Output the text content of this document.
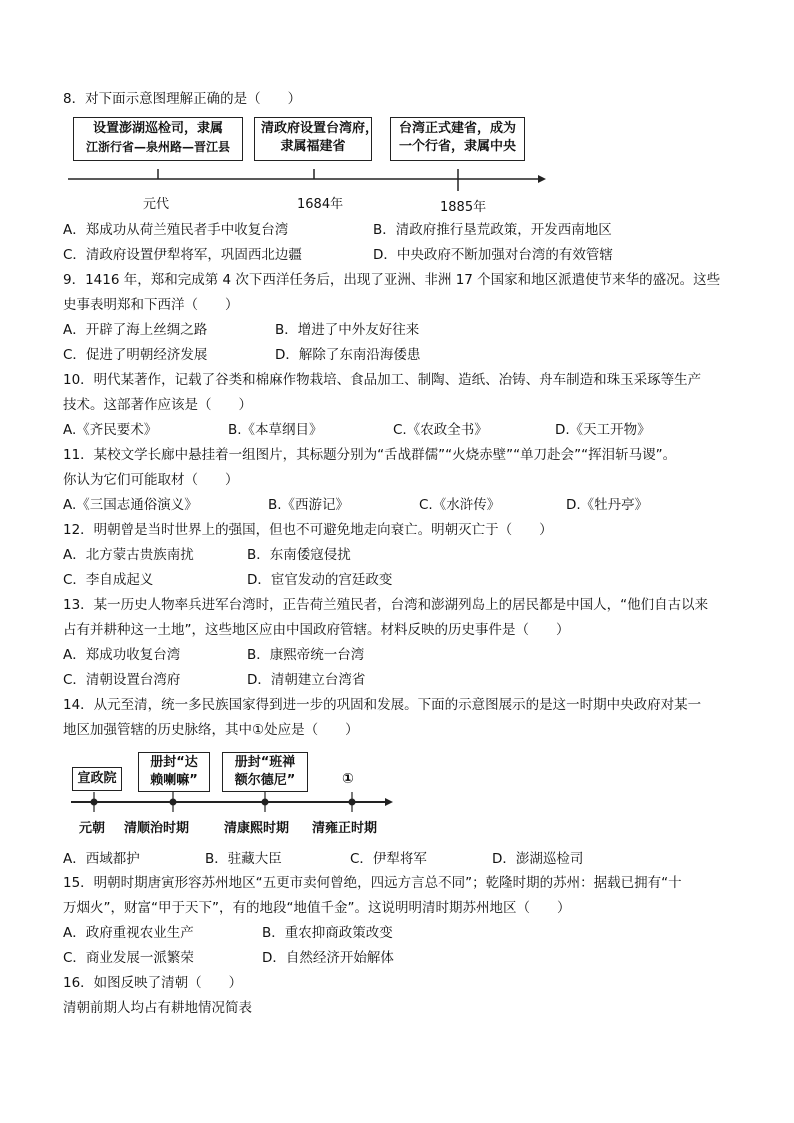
8．对下面示意图理解正确的是（　　）
设置澎湖巡检司，隶属
江浙行省—泉州路—晋江县
清政府设置台湾府，
隶属福建省
台湾正式建省，成为
一个行省，隶属中央
元代	1684年	1885年
A．郑成功从荷兰殖民者手中收复台湾	B．清政府推行垦荒政策，开发西南地区
C．清政府设置伊犁将军，巩固西北边疆	D．中央政府不断加强对台湾的有效管辖
9．1416 年，郑和完成第 4 次下西洋任务后，出现了亚洲、非洲 17 个国家和地区派遣使节来华的盛况。这些
史事表明郑和下西洋（　　）
A．开辟了海上丝绸之路	B．增进了中外友好往来
C．促进了明朝经济发展	D．解除了东南沿海倭患
10．明代某著作，记载了谷类和棉麻作物栽培、食品加工、制陶、造纸、冶铸、舟车制造和珠玉采琢等生产
技术。这部著作应该是（　　）
A.《齐民要术》	B.《本草纲目》	C.《农政全书》	D.《天工开物》
11．某校文学长廊中悬挂着一组图片，其标题分别为“舌战群儒”“火烧赤壁”“单刀赴会”“挥泪斩马谡”。
你认为它们可能取材（　　）
A.《三国志通俗演义》	B.《西游记》	C.《水浒传》	D.《牡丹亭》
12．明朝曾是当时世界上的强国，但也不可避免地走向衰亡。明朝灭亡于（　　）
A．北方蒙古贵族南扰	B．东南倭寇侵扰
C．李自成起义	D．宦官发动的宫廷政变
13．某一历史人物率兵进军台湾时，正告荷兰殖民者，台湾和澎湖列岛上的居民都是中国人，“他们自古以来
占有并耕种这一土地”，这些地区应由中国政府管辖。材料反映的历史事件是（　　）
A．郑成功收复台湾	B．康熙帝统一台湾
C．清朝设置台湾府	D．清朝建立台湾省
14．从元至清，统一多民族国家得到进一步的巩固和发展。下面的示意图展示的是这一时期中央政府对某一
地区加强管辖的历史脉络，其中①处应是（　　）
宣政院
册封“达
赖喇嘛”
册封“班禅
额尔德尼”	①
元朝 清顺治时期	清康熙时期 清雍正时期
A．西域都护	B．驻藏大臣	C．伊犁将军	D．澎湖巡检司
15．明朝时期唐寅形容苏州地区“五更市卖何曾绝，四远方言总不同”；乾隆时期的苏州：据载已拥有“十
万烟火”，财富“甲于天下”，有的地段“地值千金”。这说明明清时期苏州地区（　　）
A．政府重视农业生产	B．重农抑商政策改变
C．商业发展一派繁荣	D．自然经济开始解体
16．如图反映了清朝（　　）
清朝前期人均占有耕地情况简表
